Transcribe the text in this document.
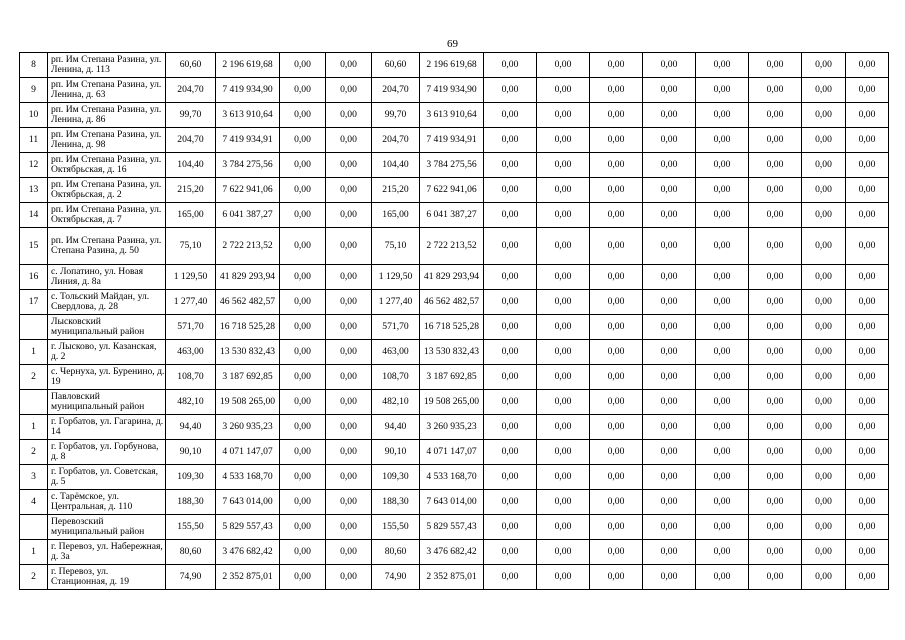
69
8	рп. Им Степана Разина, ул. Ленина, д. 113	60,60	2 196 619,68	0,00	0,00	60,60	2 196 619,68	0,00	0,00	0,00	0,00	0,00	0,00	0,00	0,00
9	рп. Им Степана Разина, ул. Ленина, д. 63	204,70	7 419 934,90	0,00	0,00	204,70	7 419 934,90	0,00	0,00	0,00	0,00	0,00	0,00	0,00	0,00
10	рп. Им Степана Разина, ул. Ленина, д. 86	99,70	3 613 910,64	0,00	0,00	99,70	3 613 910,64	0,00	0,00	0,00	0,00	0,00	0,00	0,00	0,00
11	рп. Им Степана Разина, ул. Ленина, д. 98	204,70	7 419 934,91	0,00	0,00	204,70	7 419 934,91	0,00	0,00	0,00	0,00	0,00	0,00	0,00	0,00
12	рп. Им Степана Разина, ул. Октябрьская, д. 16	104,40	3 784 275,56	0,00	0,00	104,40	3 784 275,56	0,00	0,00	0,00	0,00	0,00	0,00	0,00	0,00
13	рп. Им Степана Разина, ул. Октябрьская, д. 2	215,20	7 622 941,06	0,00	0,00	215,20	7 622 941,06	0,00	0,00	0,00	0,00	0,00	0,00	0,00	0,00
14	рп. Им Степана Разина, ул. Октябрьская, д. 7	165,00	6 041 387,27	0,00	0,00	165,00	6 041 387,27	0,00	0,00	0,00	0,00	0,00	0,00	0,00	0,00
15	рп. Им Степана Разина, ул. Степана Разина, д. 50	75,10	2 722 213,52	0,00	0,00	75,10	2 722 213,52	0,00	0,00	0,00	0,00	0,00	0,00	0,00	0,00
16	с. Лопатино, ул. Новая Линия, д. 8а	1 129,50	41 829 293,94	0,00	0,00	1 129,50	41 829 293,94	0,00	0,00	0,00	0,00	0,00	0,00	0,00	0,00
17	с. Тольский Майдан, ул. Свердлова, д. 28	1 277,40	46 562 482,57	0,00	0,00	1 277,40	46 562 482,57	0,00	0,00	0,00	0,00	0,00	0,00	0,00	0,00
	Лысковский муниципальный район	571,70	16 718 525,28	0,00	0,00	571,70	16 718 525,28	0,00	0,00	0,00	0,00	0,00	0,00	0,00	0,00
1	г. Лысково, ул. Казанская, д. 2	463,00	13 530 832,43	0,00	0,00	463,00	13 530 832,43	0,00	0,00	0,00	0,00	0,00	0,00	0,00	0,00
2	с. Чернуха, ул. Буренино, д. 19	108,70	3 187 692,85	0,00	0,00	108,70	3 187 692,85	0,00	0,00	0,00	0,00	0,00	0,00	0,00	0,00
	Павловский муниципальный район	482,10	19 508 265,00	0,00	0,00	482,10	19 508 265,00	0,00	0,00	0,00	0,00	0,00	0,00	0,00	0,00
1	г. Горбатов, ул. Гагарина, д. 14	94,40	3 260 935,23	0,00	0,00	94,40	3 260 935,23	0,00	0,00	0,00	0,00	0,00	0,00	0,00	0,00
2	г. Горбатов, ул. Горбунова, д. 8	90,10	4 071 147,07	0,00	0,00	90,10	4 071 147,07	0,00	0,00	0,00	0,00	0,00	0,00	0,00	0,00
3	г. Горбатов, ул. Советская, д. 5	109,30	4 533 168,70	0,00	0,00	109,30	4 533 168,70	0,00	0,00	0,00	0,00	0,00	0,00	0,00	0,00
4	с. Тарёмское, ул. Центральная, д. 110	188,30	7 643 014,00	0,00	0,00	188,30	7 643 014,00	0,00	0,00	0,00	0,00	0,00	0,00	0,00	0,00
	Перевозский муниципальный район	155,50	5 829 557,43	0,00	0,00	155,50	5 829 557,43	0,00	0,00	0,00	0,00	0,00	0,00	0,00	0,00
1	г. Перевоз, ул. Набережная, д. 3а	80,60	3 476 682,42	0,00	0,00	80,60	3 476 682,42	0,00	0,00	0,00	0,00	0,00	0,00	0,00	0,00
2	г. Перевоз, ул. Станционная, д. 19	74,90	2 352 875,01	0,00	0,00	74,90	2 352 875,01	0,00	0,00	0,00	0,00	0,00	0,00	0,00	0,00
